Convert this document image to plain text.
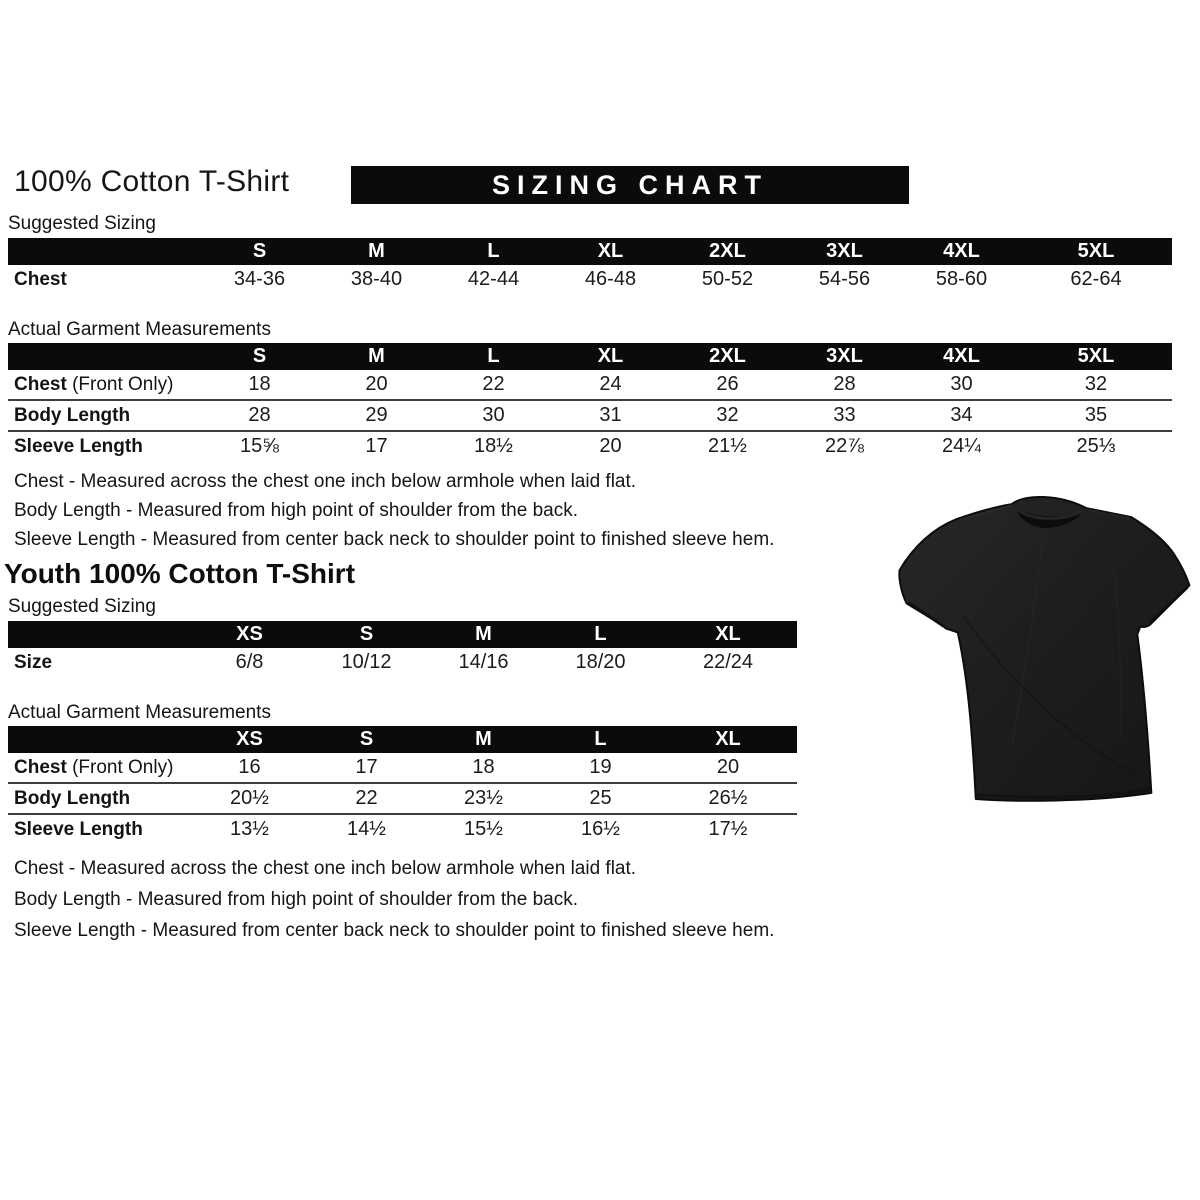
100% Cotton T-Shirt	SIZING CHART

Suggested Sizing

	S	M	L	XL	2XL	3XL	4XL	5XL
Chest	34-36	38-40	42-44	46-48	50-52	54-56	58-60	62-64

Actual Garment Measurements

	S	M	L	XL	2XL	3XL	4XL	5XL
Chest (Front Only)	18	20	22	24	26	28	30	32
Body Length	28	29	30	31	32	33	34	35
Sleeve Length	15⅝	17	18½	20	21½	22⅞	24¼	25⅓

Chest - Measured across the chest one inch below armhole when laid flat.

Body Length - Measured from high point of shoulder from the back.

Sleeve Length - Measured from center back neck to shoulder point to finished sleeve hem.

Youth 100% Cotton T-Shirt

Suggested Sizing

	XS	S	M	L	XL
Size	6/8	10/12	14/16	18/20	22/24

Actual Garment Measurements

	XS	S	M	L	XL
Chest (Front Only)	16	17	18	19	20
Body Length	20½	22	23½	25	26½
Sleeve Length	13½	14½	15½	16½	17½

Chest - Measured across the chest one inch below armhole when laid flat.

Body Length - Measured from high point of shoulder from the back.

Sleeve Length - Measured from center back neck to shoulder point to finished sleeve hem.
